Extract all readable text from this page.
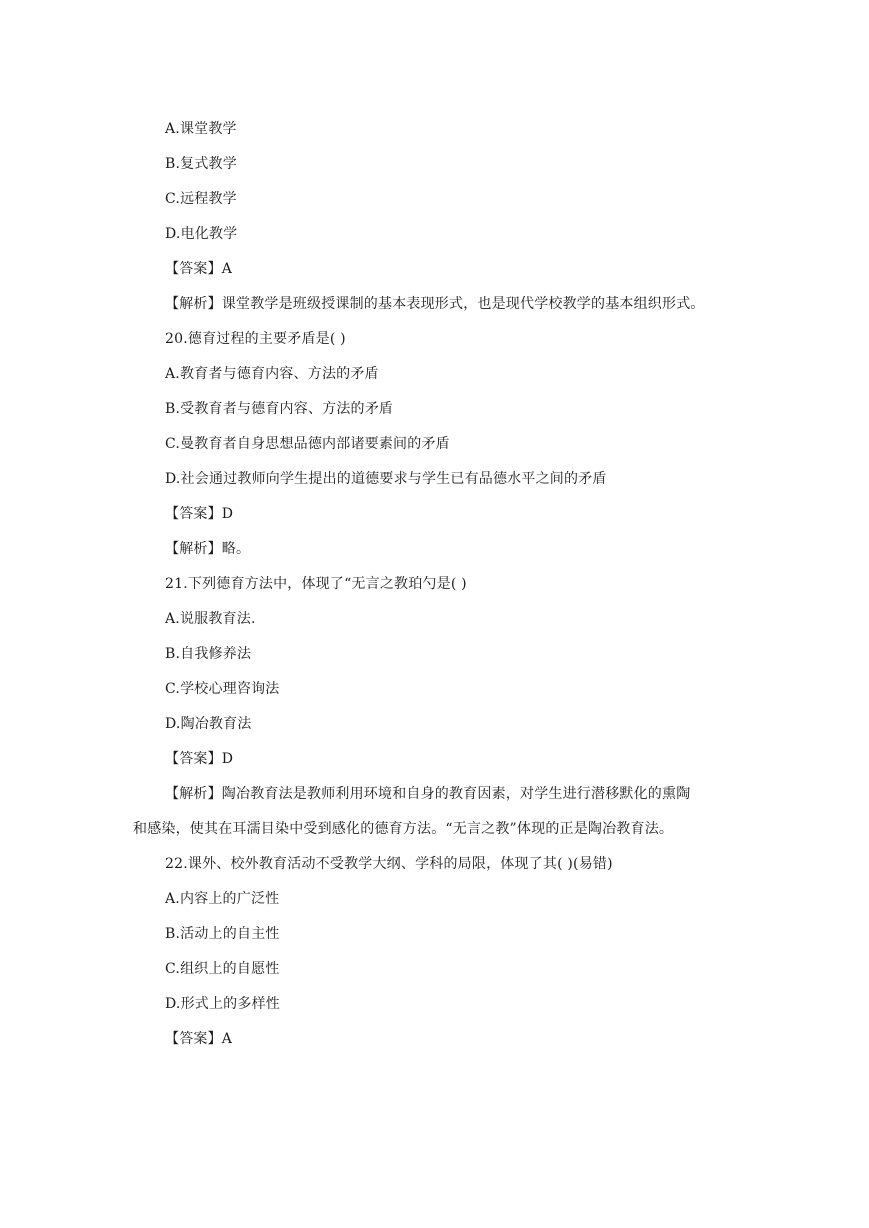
A.课堂教学
B.复式教学
C.远程教学
D.电化教学
【答案】A
【解析】课堂教学是班级授课制的基本表现形式，也是现代学校教学的基本组织形式。
20.德育过程的主要矛盾是( )
A.教育者与德育内容、方法的矛盾
B.受教育者与德育内容、方法的矛盾
C.曼教育者自身思想品德内部诸要素间的矛盾
D.社会通过教师向学生提出的道德要求与学生已有品德水平之间的矛盾
【答案】D
【解析】略。
21.下列德育方法中，体现了“无言之教珀勺是( )
A.说服教育法.
B.自我修养法
C.学校心理咨询法
D.陶冶教育法
【答案】D
【解析】陶冶教育法是教师利用环境和自身的教育因素，对学生进行潜移默化的熏陶
和感染，使其在耳濡目染中受到感化的德育方法。“无言之教”体现的正是陶冶教育法。
22.课外、校外教育活动不受教学大纲、学科的局限，体现了其( )(易错)
A.内容上的广泛性
B.活动上的自主性
C.组织上的自愿性
D.形式上的多样性
【答案】A
